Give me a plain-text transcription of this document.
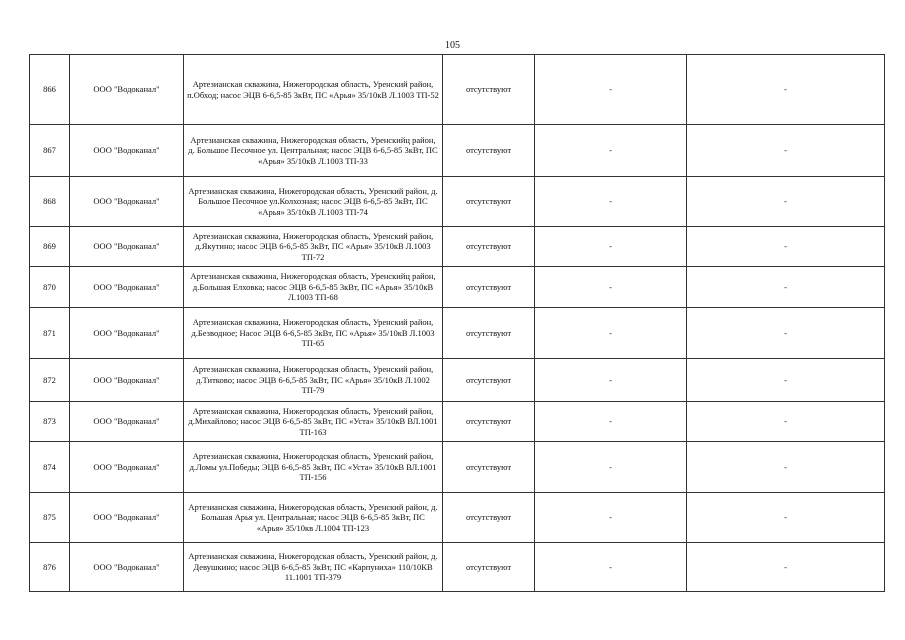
105
866	ООО "Водоканал"	Артезианская скважина, Нижегородская область, Уренский район, п.Обход; насос ЭЦВ 6-6,5-85 3кВт, ПС «Арья» 35/10кВ Л.1003 ТП-52	отсутствуют	-	-
867	ООО "Водоканал"	Артезианская скважина, Нижегородская область, Уренскийц район, д. Большое Песочное ул. Центральная; насос ЭЦВ 6-6,5-85 3кВт, ПС «Арья» 35/10кВ Л.1003 ТП-33	отсутствуют	-	-
868	ООО "Водоканал"	Артезианская скважина, Нижегородская область, Уренский район, д. Большое Песочное ул.Колхозная; насос ЭЦВ 6-6,5-85 3кВт, ПС «Арья» 35/10кВ Л.1003 ТП-74	отсутствуют	-	-
869	ООО "Водоканал"	Артезианская скважина, Нижегородская область, Уренский район, д.Якутино; насос ЭЦВ 6-6,5-85 3кВт, ПС «Арья» 35/10кВ Л.1003 ТП-72	отсутствуют	-	-
870	ООО "Водоканал"	Артезианская скважина, Нижегородская область, Уренскийц район, д.Большая Елховка; насос ЭЦВ 6-6,5-85 3кВт, ПС «Арья» 35/10кВ Л.1003 ТП-68	отсутствуют	-	-
871	ООО "Водоканал"	Артезианская скважина, Нижегородская область, Уренский район, д.Безводное; Насос ЭЦВ 6-6,5-85 3кВт, ПС «Арья» 35/10кВ Л.1003 ТП-65	отсутствуют	-	-
872	ООО "Водоканал"	Артезианская скважина, Нижегородская область, Уренский район, д.Титково; насос ЭЦВ 6-6,5-85 3кВт, ПС «Арья» 35/10кВ Л.1002 ТП-79	отсутствуют	-	-
873	ООО "Водоканал"	Артезианская скважина, Нижегородская область, Уренский район, д.Михайлово; насос ЭЦВ 6-6,5-85 3кВт, ПС «Уста» 35/10кВ ВЛ.1001 ТП-163	отсутствуют	-	-
874	ООО "Водоканал"	Артезианская скважина, Нижегородская область, Уренский район, д.Ломы ул.Победы; ЭЦВ 6-6,5-85 3кВт, ПС «Уста» 35/10кВ ВЛ.1001 ТП-156	отсутствуют	-	-
875	ООО "Водоканал"	Артезианская скважина, Нижегородская область, Уренский район, д. Большая Арья ул. Центральная; насос ЭЦВ 6-6,5-85 3кВт, ПС «Арья» 35/10кв Л.1004 ТП-123	отсутствуют	-	-
876	ООО "Водоканал"	Артезианская скважина, Нижегородская область, Уренский район, д. Девушкино; насос ЭЦВ 6-6,5-85 3кВт, ПС «Карпуниха» 110/10КВ 11.1001 ТП-379	отсутствуют	-	-
